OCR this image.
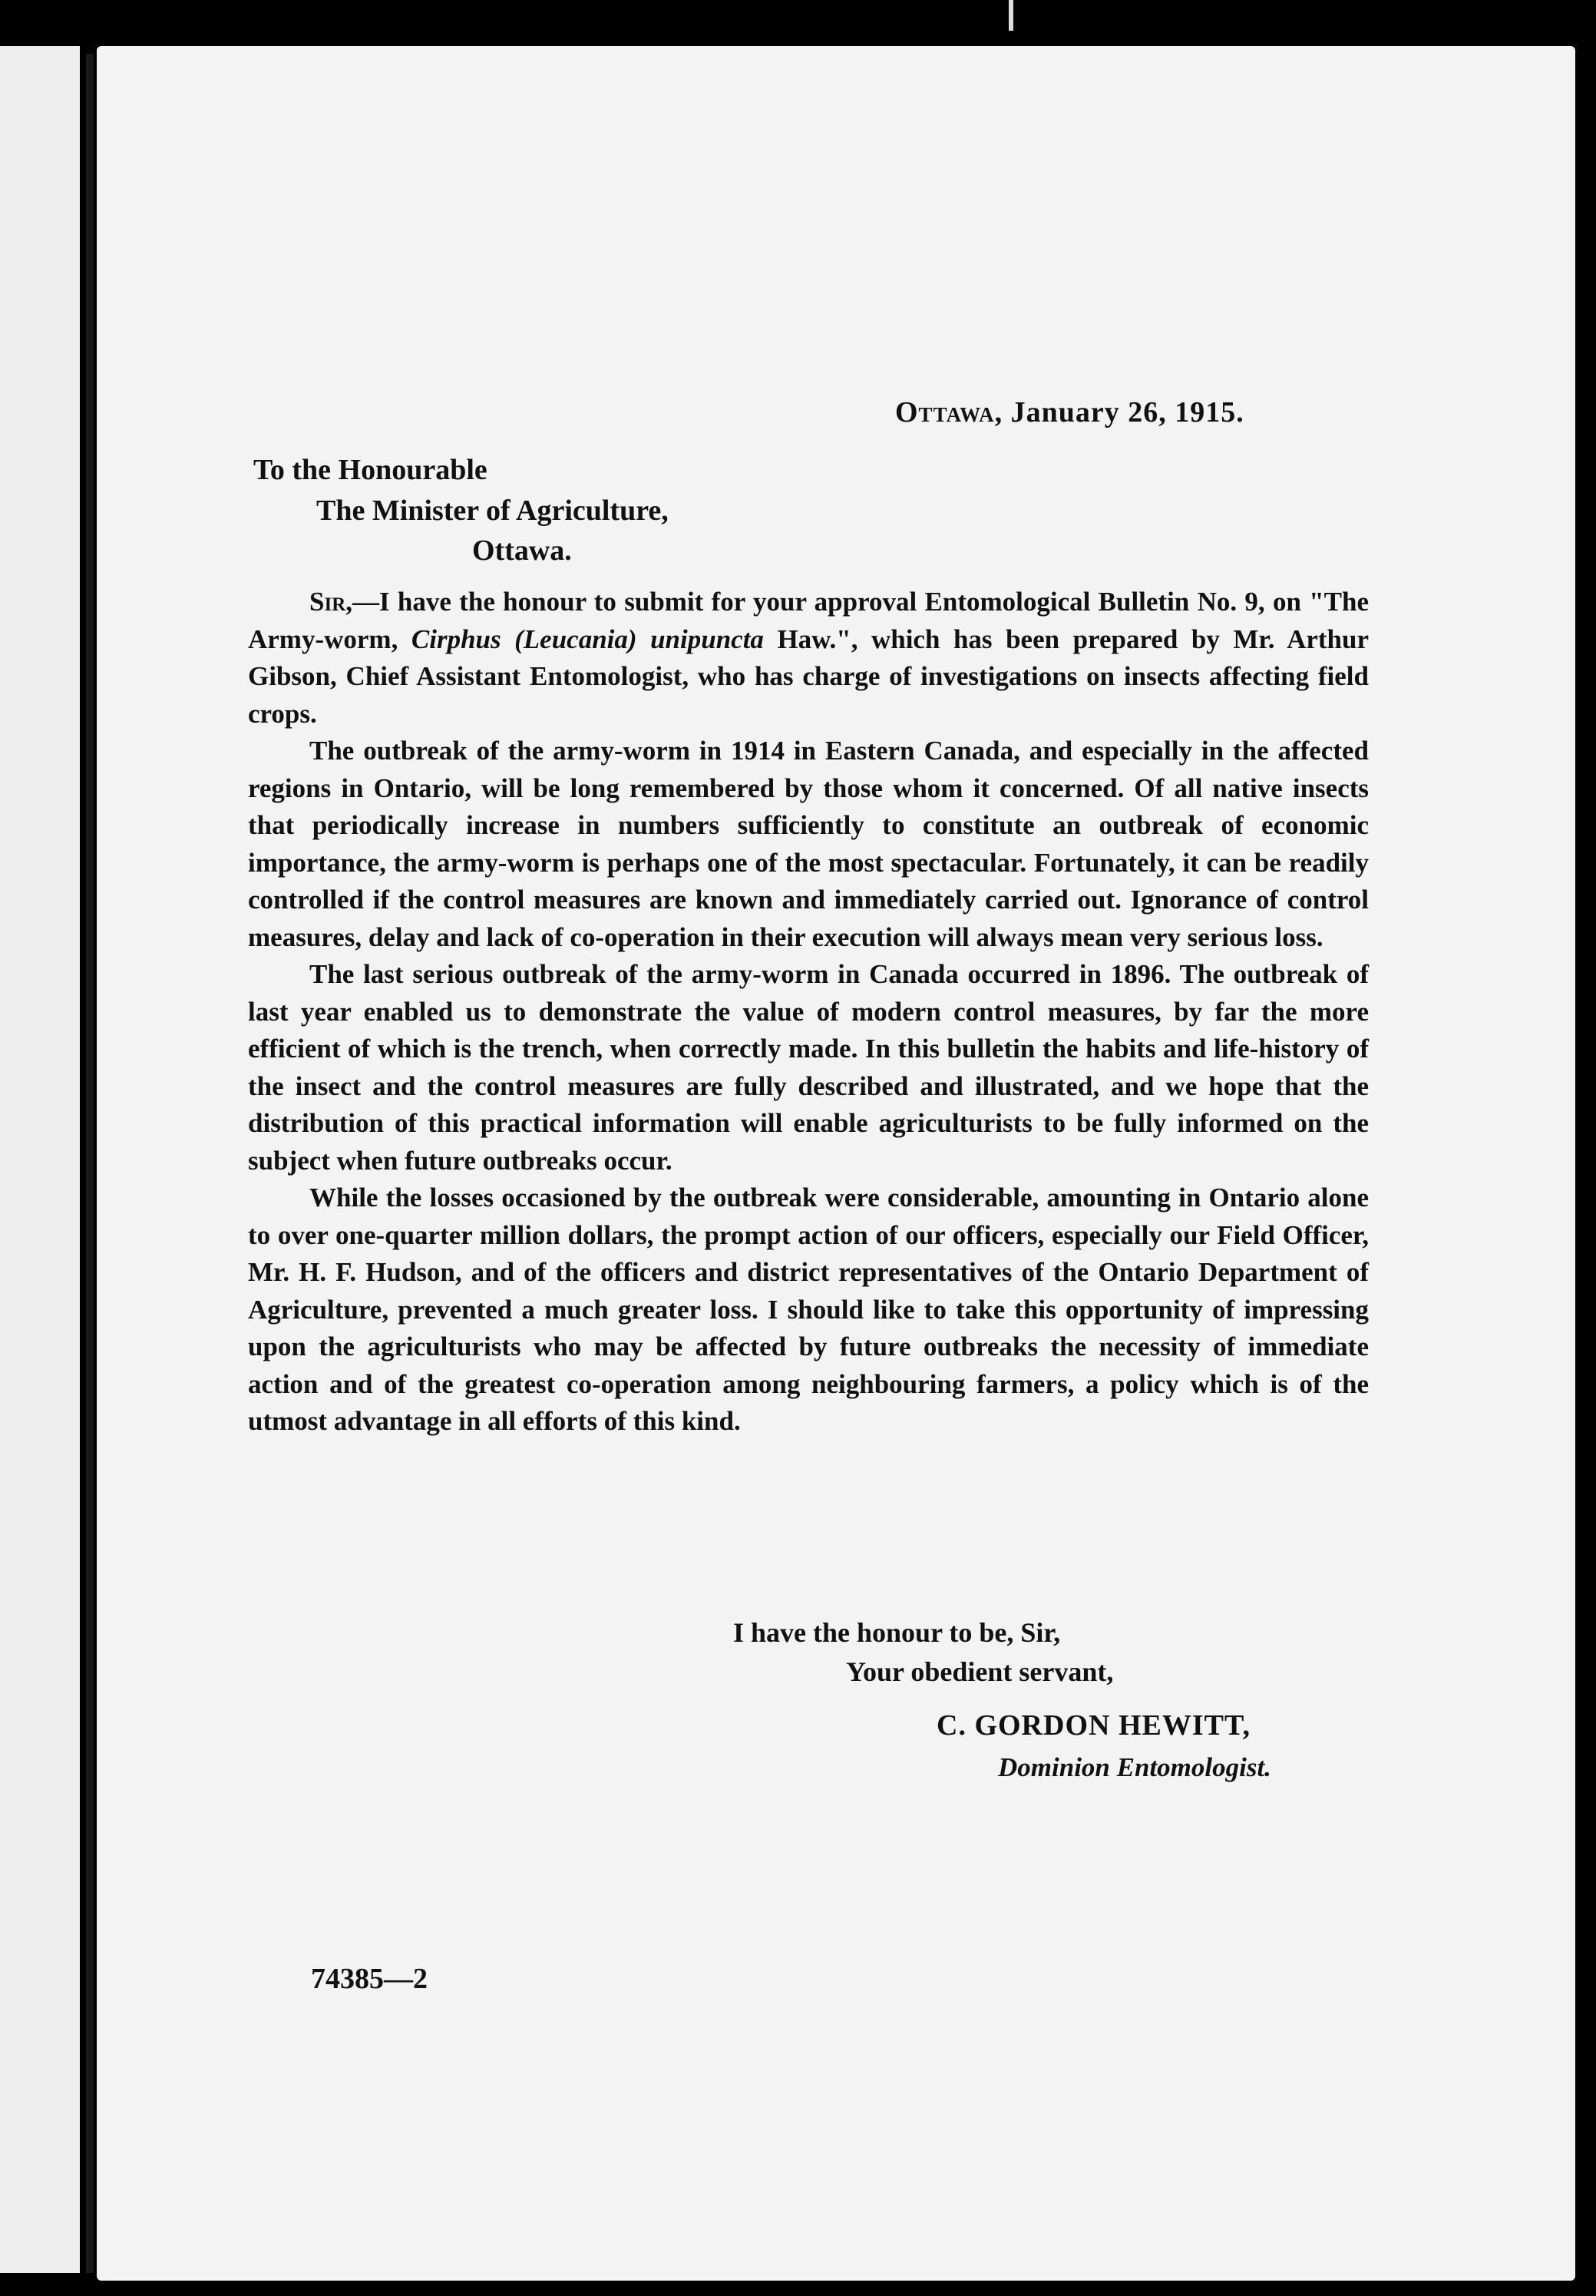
Ottawa, January 26, 1915.
To the Honourable
The Minister of Agriculture,
Ottawa.

Sir,—I have the honour to submit for your approval Entomological Bulletin No. 9, on "The Army-worm, Cirphus (Leucania) unipuncta Haw.", which has been prepared by Mr. Arthur Gibson, Chief Assistant Entomologist, who has charge of investigations on insects affecting field crops.

The outbreak of the army-worm in 1914 in Eastern Canada, and especially in the affected regions in Ontario, will be long remembered by those whom it concerned. Of all native insects that periodically increase in numbers sufficiently to constitute an outbreak of economic importance, the army-worm is perhaps one of the most spectacular. Fortunately, it can be readily controlled if the control measures are known and immediately carried out. Ignorance of control measures, delay and lack of co-operation in their execution will always mean very serious loss.

The last serious outbreak of the army-worm in Canada occurred in 1896. The outbreak of last year enabled us to demonstrate the value of modern control measures, by far the more efficient of which is the trench, when correctly made. In this bulletin the habits and life-history of the insect and the control measures are fully described and illustrated, and we hope that the distribution of this practical information will enable agriculturists to be fully informed on the subject when future outbreaks occur.

While the losses occasioned by the outbreak were considerable, amounting in Ontario alone to over one-quarter million dollars, the prompt action of our officers, especially our Field Officer, Mr. H. F. Hudson, and of the officers and district representatives of the Ontario Department of Agriculture, prevented a much greater loss. I should like to take this opportunity of impressing upon the agriculturists who may be affected by future outbreaks the necessity of immediate action and of the greatest co-operation among neighbouring farmers, a policy which is of the utmost advantage in all efforts of this kind.

I have the honour to be, Sir,
Your obedient servant,
C. GORDON HEWITT,
Dominion Entomologist.
74385—2
